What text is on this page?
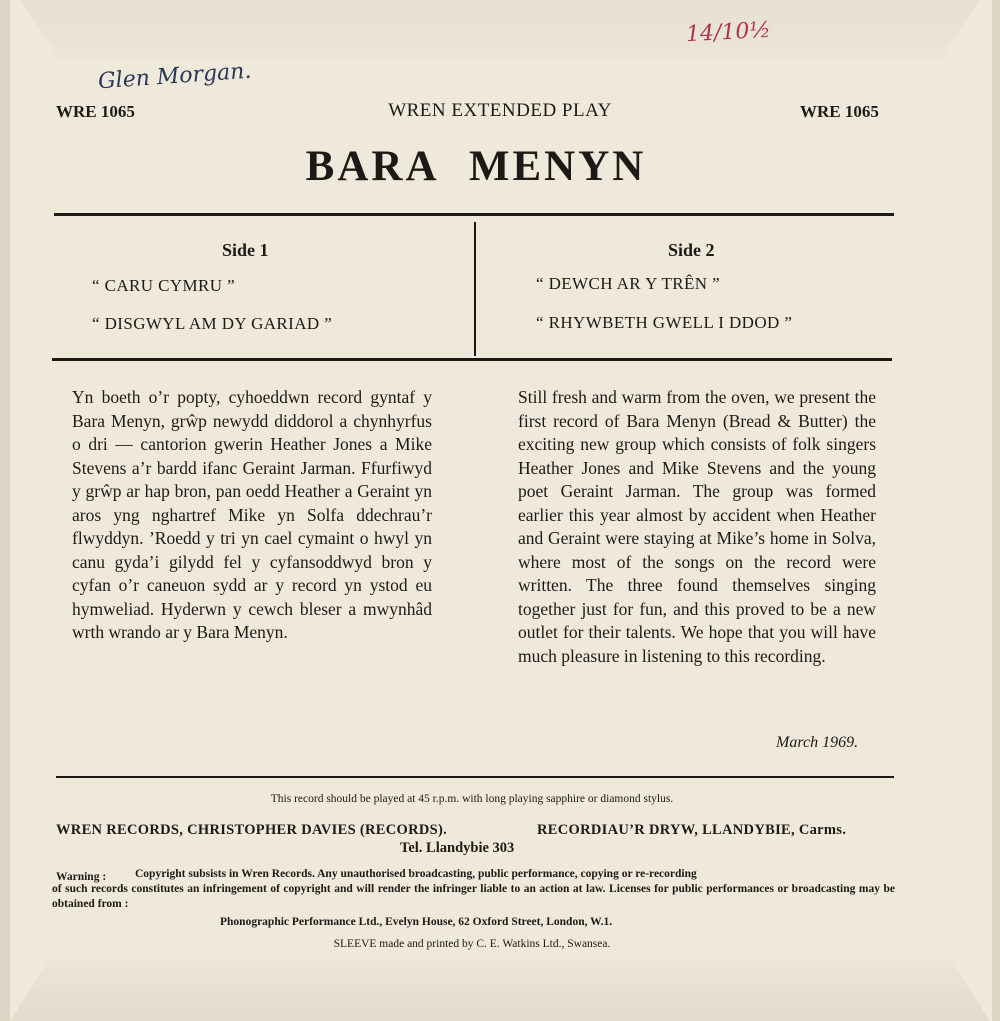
Glen Morgan.
14/10½
WRE 1065	WREN EXTENDED PLAY	WRE 1065
BARA MENYN
Side 1
“ CARU CYMRU ”
“ DISGWYL AM DY GARIAD ”
Side 2
“ DEWCH AR Y TRÊN ”
“ RHYWBETH GWELL I DDOD ”
Yn boeth o’r popty, cyhoeddwn record gyntaf y Bara Menyn, grŵp newydd diddorol a chynhyrfus o dri — cantorion gwerin Heather Jones a Mike Stevens a’r bardd ifanc Geraint Jarman. Ffurfiwyd y grŵp ar hap bron, pan oedd Heather a Geraint yn aros yng nghartref Mike yn Solfa ddechrau’r flwyddyn. ’Roedd y tri yn cael cymaint o hwyl yn canu gyda’i gilydd fel y cyfansoddwyd bron y cyfan o’r caneuon sydd ar y record yn ystod eu hymweliad. Hyderwn y cewch bleser a mwynhâd wrth wrando ar y Bara Menyn.
Still fresh and warm from the oven, we present the first record of Bara Menyn (Bread & Butter) the exciting new group which consists of folk singers Heather Jones and Mike Stevens and the young poet Geraint Jarman. The group was formed earlier this year almost by accident when Heather and Geraint were staying at Mike’s home in Solva, where most of the songs on the record were written. The three found themselves singing together just for fun, and this proved to be a new outlet for their talents. We hope that you will have much pleasure in listening to this recording.
March 1969.
This record should be played at 45 r.p.m. with long playing sapphire or diamond stylus.
WREN RECORDS, CHRISTOPHER DAVIES (RECORDS).	RECORDIAU’R DRYW, LLANDYBIE, Carms.
Tel. Llandybie 303
Warning :	Copyright subsists in Wren Records. Any unauthorised broadcasting, public performance, copying or re-recording
of such records constitutes an infringement of copyright and will render the infringer liable to an action at law. Licenses for public performances or broadcasting may be obtained from :
Phonographic Performance Ltd., Evelyn House, 62 Oxford Street, London, W.1.
SLEEVE made and printed by C. E. Watkins Ltd., Swansea.
